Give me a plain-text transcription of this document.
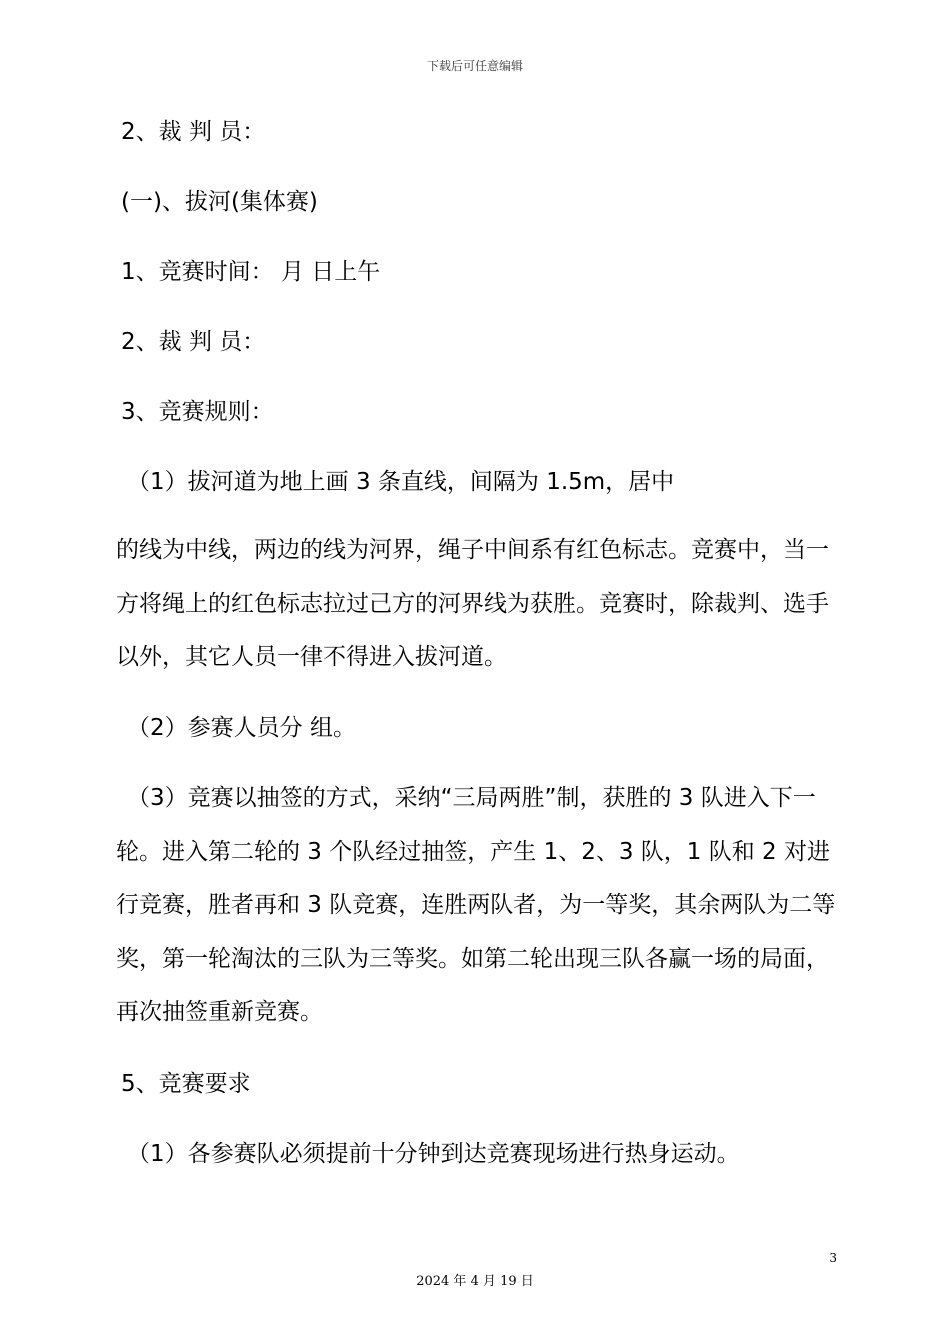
下载后可任意编辑
2、裁 判 员：
(一)、拔河(集体赛)
1、竞赛时间： 月 日上午
2、裁 判 员：
3、竞赛规则：
（1）拔河道为地上画 3 条直线，间隔为 1.5m，居中
的线为中线，两边的线为河界，绳子中间系有红色标志。竞赛中，当一方将绳上的红色标志拉过己方的河界线为获胜。竞赛时，除裁判、选手以外，其它人员一律不得进入拔河道。
（2）参赛人员分 组。
（3）竞赛以抽签的方式，采纳“三局两胜”制，获胜的 3 队进入下一轮。进入第二轮的 3 个队经过抽签，产生 1、2、3 队，1 队和 2 对进行竞赛，胜者再和 3 队竞赛，连胜两队者，为一等奖，其余两队为二等奖，第一轮淘汰的三队为三等奖。如第二轮出现三队各赢一场的局面，再次抽签重新竞赛。
5、竞赛要求
（1）各参赛队必须提前十分钟到达竞赛现场进行热身运动。
3
2024 年 4 月 19 日
